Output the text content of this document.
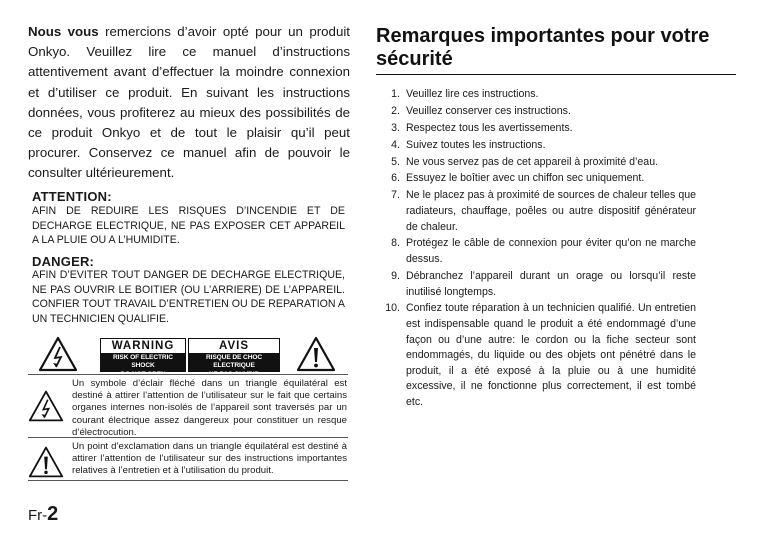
Nous vous remercions d’avoir opté pour un produit Onkyo. Veuillez lire ce manuel d’instructions attentivement avant d’effectuer la moindre connexion et d’utiliser ce produit. En suivant les instructions données, vous profiterez au mieux des possibilités de ce produit Onkyo et de tout le plaisir qu’il peut procurer. Conservez ce manuel afin de pouvoir le consulter ultérieurement.
ATTENTION:
AFIN DE REDUIRE LES RISQUES D’INCENDIE ET DE DECHARGE ELECTRIQUE, NE PAS EXPOSER CET APPAREIL A LA PLUIE OU A L’HUMIDITE.
DANGER:
AFIN D’EVITER TOUT DANGER DE DECHARGE ELECTRIQUE, NE PAS OUVRIR LE BOITIER (OU L’ARRIERE) DE L’APPAREIL. CONFIER TOUT TRAVAIL D’ENTRETIEN OU DE REPARATION A UN TECHNICIEN QUALIFIE.
WARNING
RISK OF ELECTRIC SHOCK
DO NOT OPEN
AVIS
RISQUE DE CHOC ELECTRIQUE
NE PAS OUVRIR
Un symbole d’éclair fléché dans un triangle équilatéral est destiné à attirer l’attention de l’utilisateur sur le fait que certains organes internes non-isolés de l’appareil sont traversés par un courant électrique assez dangereux pour constituer un resque d’électrocution.
Un point d’exclamation dans un triangle équilatéral est destiné à attirer l’attention de l’utilisateur sur des instructions importantes relatives à l’entretien et à l’utilisation du produit.
Fr-2
Remarques importantes pour votre sécurité
1. Veuillez lire ces instructions.
2. Veuillez conserver ces instructions.
3. Respectez tous les avertissements.
4. Suivez toutes les instructions.
5. Ne vous servez pas de cet appareil à proximité d’eau.
6. Essuyez le boîtier avec un chiffon sec uniquement.
7. Ne le placez pas à proximité de sources de chaleur telles que radiateurs, chauffage, poêles ou autre dispositif générateur de chaleur.
8. Protégez le câble de connexion pour éviter qu’on ne marche dessus.
9. Débranchez l’appareil durant un orage ou lorsqu’il reste inutilisé longtemps.
10. Confiez toute réparation à un technicien qualifié. Un entretien est indispensable quand le produit a été endommagé d’une façon ou d’une autre: le cordon ou la fiche secteur sont endommagés, du liquide ou des objets ont pénétré dans le produit, il a été exposé à la pluie ou à une humidité excessive, il ne fonctionne plus correctement, il est tombé etc.
